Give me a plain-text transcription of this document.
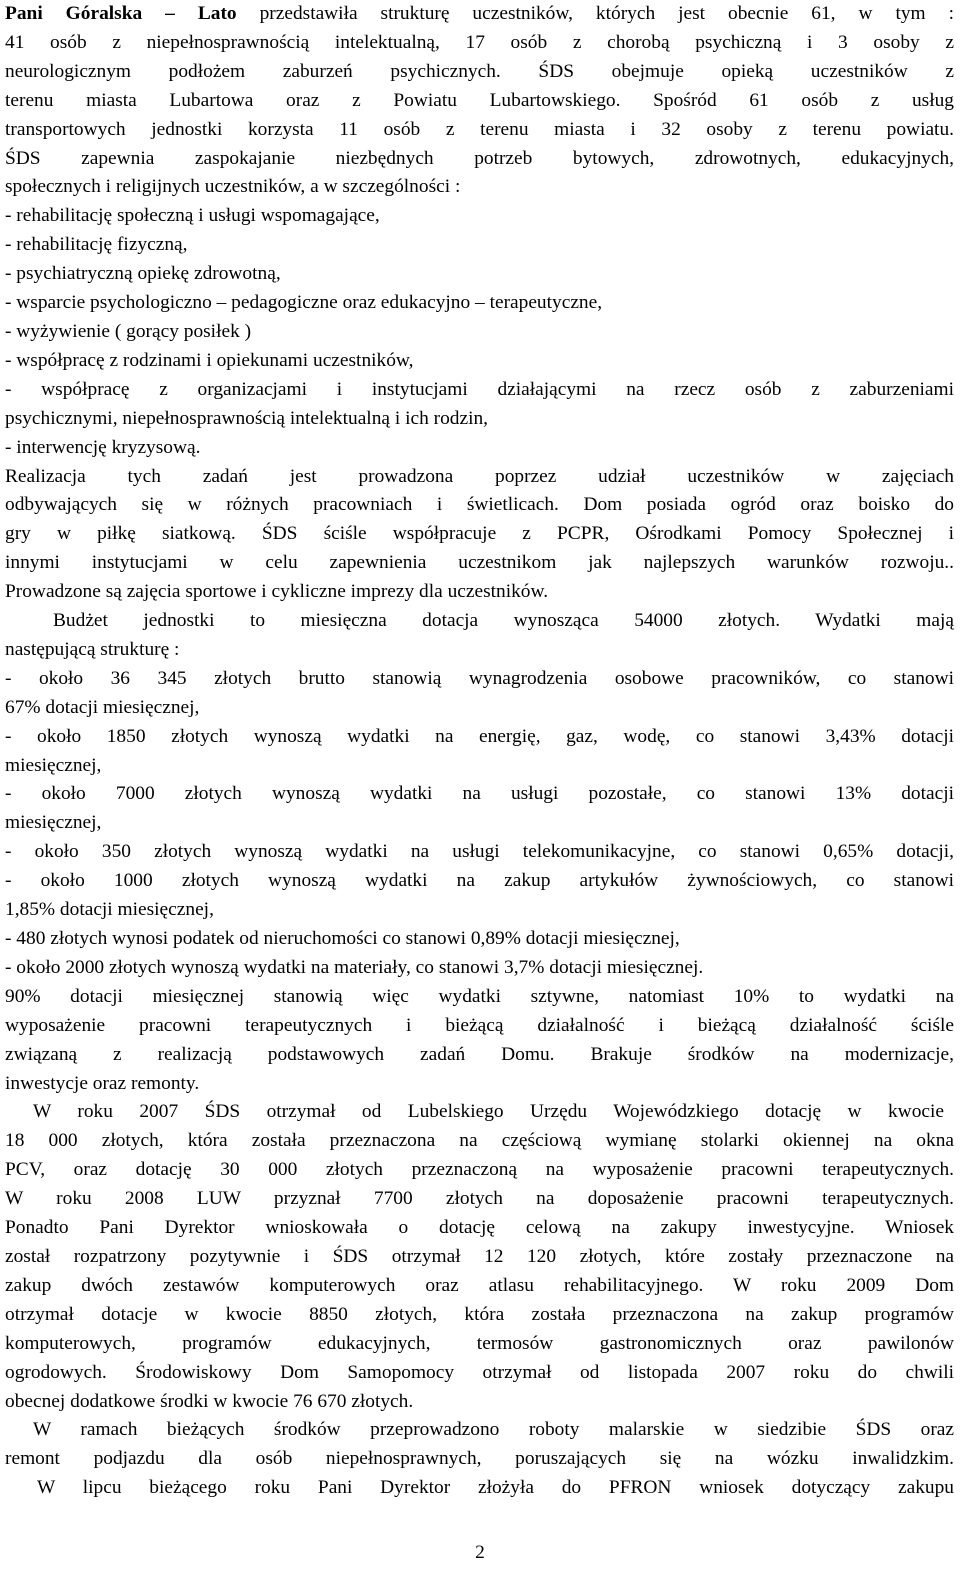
Pani Góralska – Lato przedstawiła strukturę uczestników, których jest obecnie 61, w tym :
41 osób z niepełnosprawnością intelektualną, 17 osób z chorobą psychiczną i 3 osoby z
neurologicznym podłożem zaburzeń psychicznych. ŚDS obejmuje opieką uczestników z
terenu miasta Lubartowa oraz z Powiatu Lubartowskiego. Spośród 61 osób z usług
transportowych jednostki korzysta 11 osób z terenu miasta i 32 osoby z terenu powiatu.
ŚDS zapewnia zaspokajanie niezbędnych potrzeb bytowych, zdrowotnych, edukacyjnych,
społecznych i religijnych uczestników, a w szczególności :
- rehabilitację społeczną i usługi wspomagające,
- rehabilitację fizyczną,
- psychiatryczną opiekę zdrowotną,
- wsparcie psychologiczno – pedagogiczne oraz edukacyjno – terapeutyczne,
- wyżywienie ( gorący posiłek )
- współpracę z rodzinami i opiekunami uczestników,
- współpracę z organizacjami i instytucjami działającymi na rzecz osób z zaburzeniami
psychicznymi, niepełnosprawnością intelektualną i ich rodzin,
- interwencję kryzysową.
Realizacja tych zadań jest prowadzona poprzez udział uczestników w zajęciach
odbywających się w różnych pracowniach i świetlicach. Dom posiada ogród oraz boisko do
gry w piłkę siatkową. ŚDS ściśle współpracuje z PCPR, Ośrodkami Pomocy Społecznej i
innymi instytucjami w celu zapewnienia uczestnikom jak najlepszych warunków rozwoju..
Prowadzone są zajęcia sportowe i cykliczne imprezy dla uczestników.
Budżet jednostki to miesięczna dotacja wynosząca 54000 złotych. Wydatki mają
następującą strukturę :
- około 36 345 złotych brutto stanowią wynagrodzenia osobowe pracowników, co stanowi
67% dotacji miesięcznej,
- około 1850 złotych wynoszą wydatki na energię, gaz, wodę, co stanowi 3,43% dotacji
miesięcznej,
- około 7000 złotych wynoszą wydatki na usługi pozostałe, co stanowi 13% dotacji
miesięcznej,
- około 350 złotych wynoszą wydatki na usługi telekomunikacyjne, co stanowi 0,65% dotacji,
- około 1000 złotych wynoszą wydatki na zakup artykułów żywnościowych, co stanowi
1,85% dotacji miesięcznej,
- 480 złotych wynosi podatek od nieruchomości co stanowi 0,89% dotacji miesięcznej,
- około 2000 złotych wynoszą wydatki na materiały, co stanowi 3,7% dotacji miesięcznej.
90% dotacji miesięcznej stanowią więc wydatki sztywne, natomiast 10% to wydatki na
wyposażenie pracowni terapeutycznych i bieżącą działalność i bieżącą działalność ściśle
związaną z realizacją podstawowych zadań Domu. Brakuje środków na modernizacje,
inwestycje oraz remonty.
W roku 2007 ŚDS otrzymał od Lubelskiego Urzędu Wojewódzkiego dotację w kwocie
18 000 złotych, która została przeznaczona na częściową wymianę stolarki okiennej na okna
PCV, oraz dotację 30 000 złotych przeznaczoną na wyposażenie pracowni terapeutycznych.
W roku 2008 LUW przyznał 7700 złotych na doposażenie pracowni terapeutycznych.
Ponadto Pani Dyrektor wnioskowała o dotację celową na zakupy inwestycyjne. Wniosek
został rozpatrzony pozytywnie i ŚDS otrzymał 12 120 złotych, które zostały przeznaczone na
zakup dwóch zestawów komputerowych oraz atlasu rehabilitacyjnego. W roku 2009 Dom
otrzymał dotacje w kwocie 8850 złotych, która została przeznaczona na zakup programów
komputerowych, programów edukacyjnych, termosów gastronomicznych oraz pawilonów
ogrodowych. Środowiskowy Dom Samopomocy otrzymał od listopada 2007 roku do chwili
obecnej dodatkowe środki w kwocie 76 670 złotych.
W ramach bieżących środków przeprowadzono roboty malarskie w siedzibie ŚDS oraz
remont podjazdu dla osób niepełnosprawnych, poruszających się na wózku inwalidzkim.
W lipcu bieżącego roku Pani Dyrektor złożyła do PFRON wniosek dotyczący zakupu
2
